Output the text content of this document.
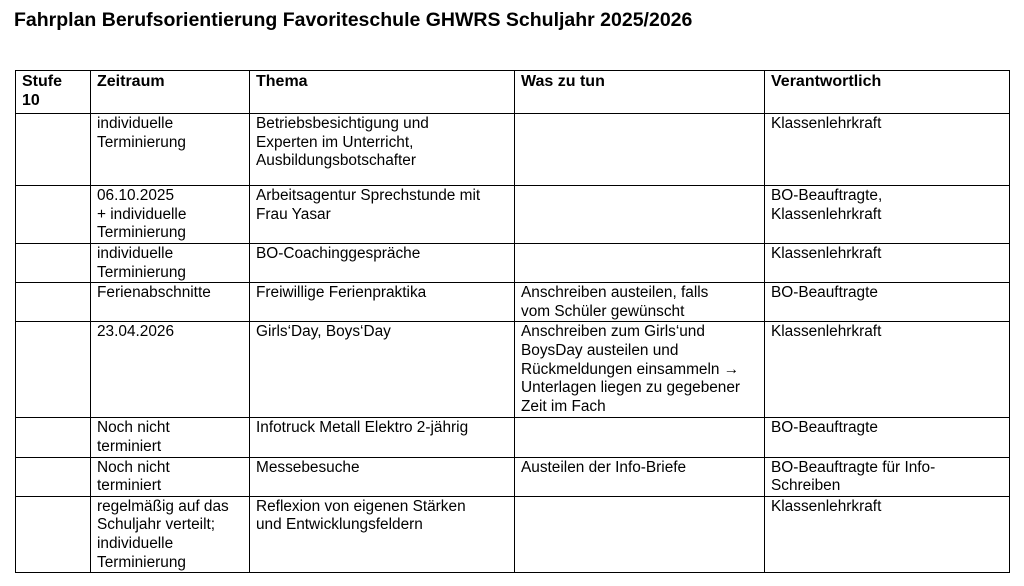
Fahrplan Berufsorientierung Favoriteschule GHWRS Schuljahr 2025/2026
Stufe
10	Zeitraum	Thema	Was zu tun	Verantwortlich
	individuelle
Terminierung	Betriebsbesichtigung und
Experten im Unterricht,
Ausbildungsbotschafter		Klassenlehrkraft
	06.10.2025
+ individuelle
Terminierung	Arbeitsagentur Sprechstunde mit
Frau Yasar		BO-Beauftragte,
Klassenlehrkraft
	individuelle
Terminierung	BO-Coachinggespräche		Klassenlehrkraft
	Ferienabschnitte	Freiwillige Ferienpraktika	Anschreiben austeilen, falls
vom Schüler gewünscht	BO-Beauftragte
	23.04.2026	Girls‘Day, Boys‘Day	Anschreiben zum Girls‘und
BoysDay austeilen und
Rückmeldungen einsammeln →
Unterlagen liegen zu gegebener
Zeit im Fach	Klassenlehrkraft
	Noch nicht
terminiert	Infotruck Metall Elektro 2-jährig		BO-Beauftragte
	Noch nicht
terminiert	Messebesuche	Austeilen der Info-Briefe	BO-Beauftragte für Info-
Schreiben
	regelmäßig auf das
Schuljahr verteilt;
individuelle
Terminierung	Reflexion von eigenen Stärken
und Entwicklungsfeldern		Klassenlehrkraft
